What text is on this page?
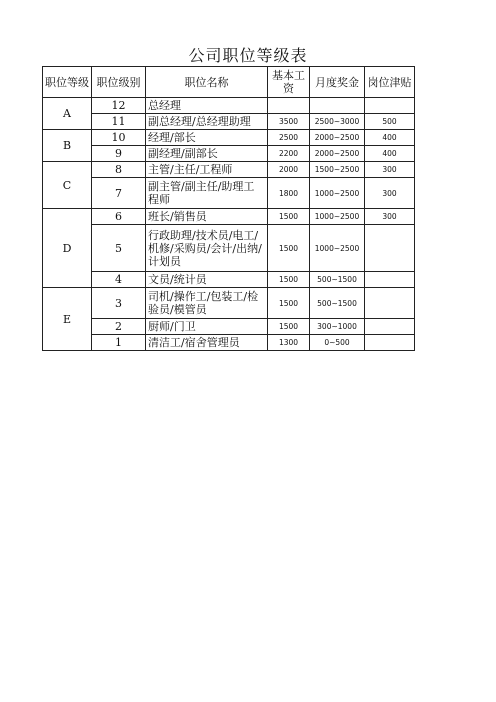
公司职位等级表
职位等级	职位级别	职位名称	基本工资	月度奖金	岗位津贴
A	12	总经理			
	11	副总经理/总经理助理	3500	2500~3000	500
B	10	经理/部长	2500	2000~2500	400
	9	副经理/副部长	2200	2000~2500	400
C	8	主管/主任/工程师	2000	1500~2500	300
	7	副主管/副主任/助理工程师	1800	1000~2500	300
D	6	班长/销售员	1500	1000~2500	300
	5	行政助理/技术员/电工/机修/采购员/会计/出纳/计划员	1500	1000~2500	
	4	文员/统计员	1500	500~1500	
E	3	司机/操作工/包装工/检验员/模管员	1500	500~1500	
	2	厨师/门卫	1500	300~1000	
	1	清洁工/宿舍管理员	1300	0~500	
